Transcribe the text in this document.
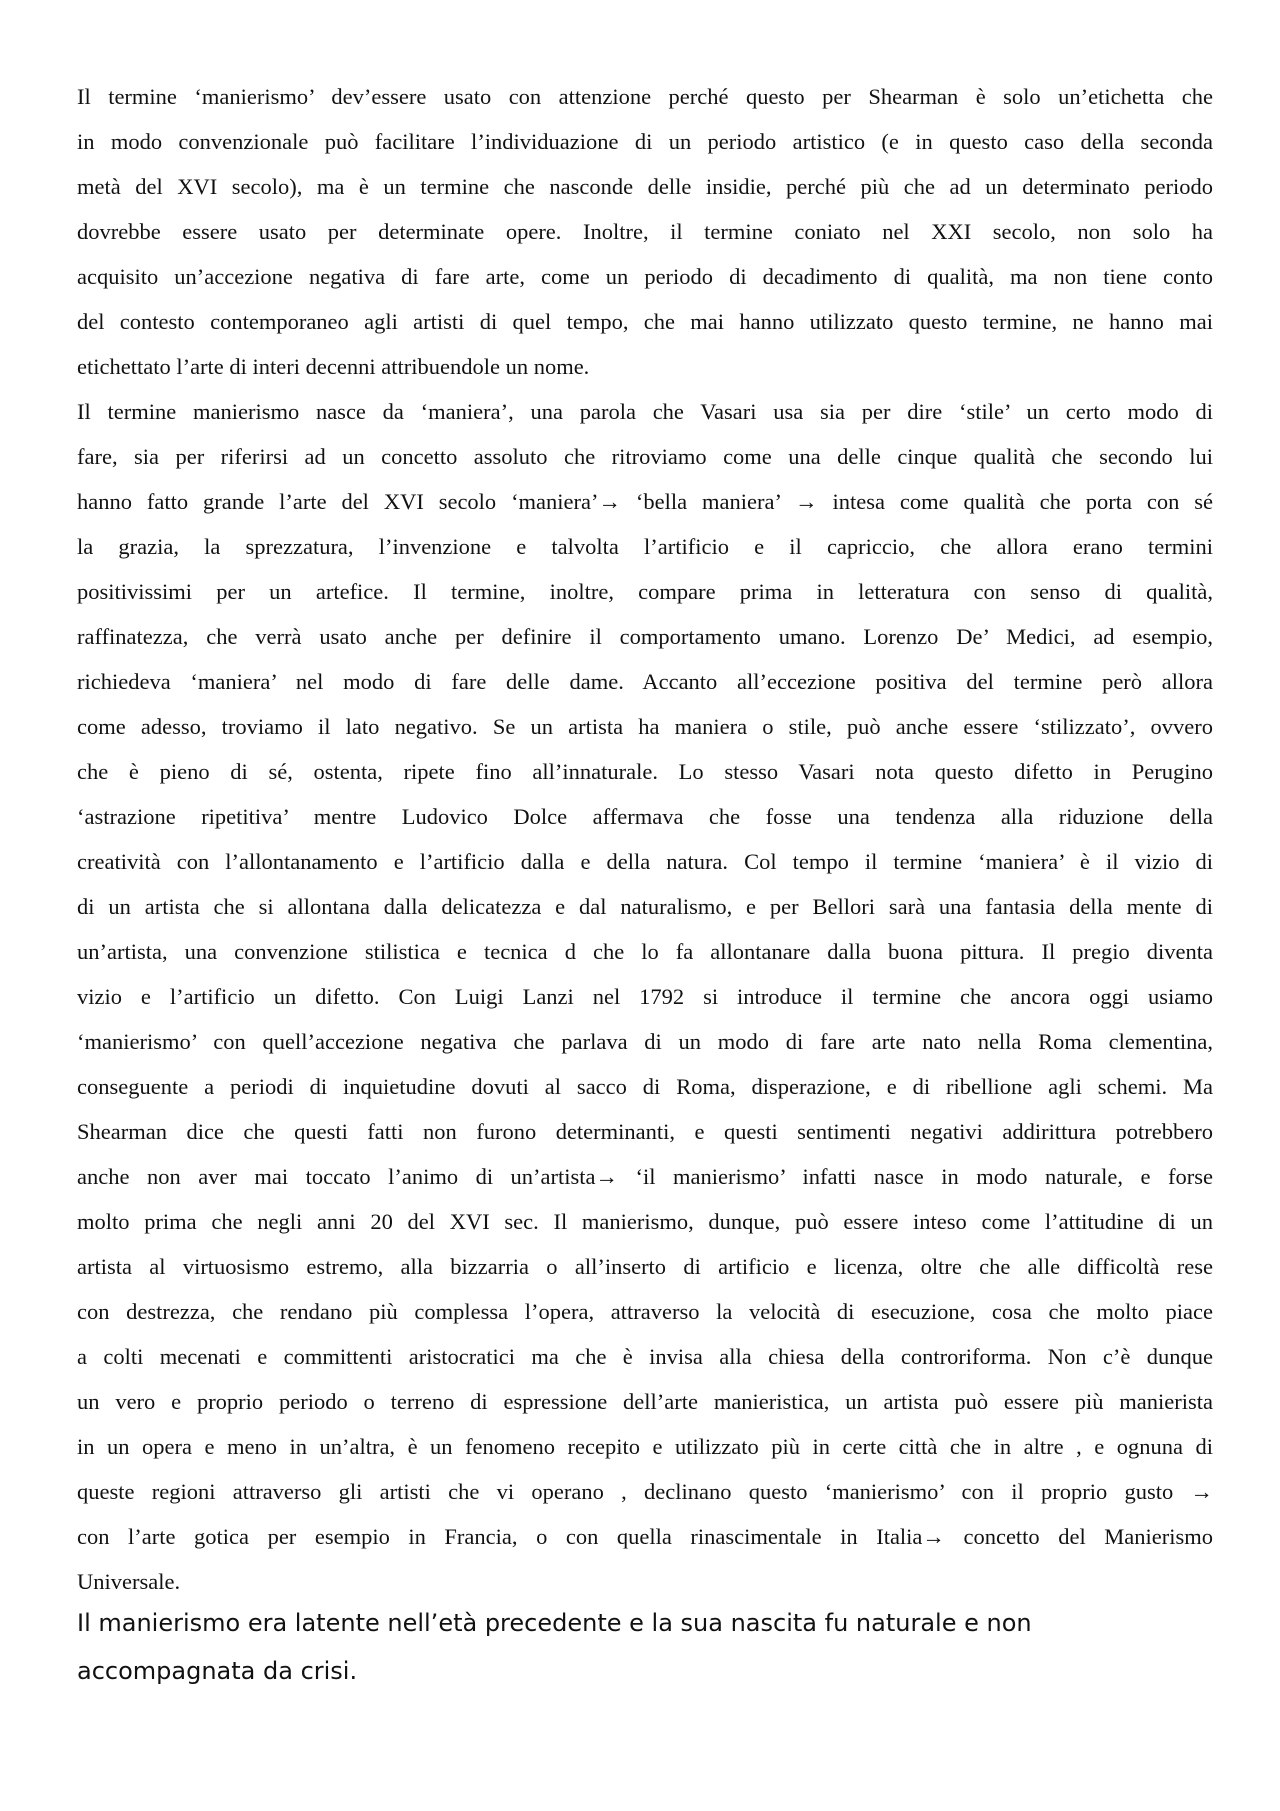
Il termine ‘manierismo’ dev’essere usato con attenzione perché questo per Shearman è solo un’etichetta che

in modo convenzionale può facilitare l’individuazione di un periodo artistico (e in questo caso della seconda

metà del XVI secolo), ma è un termine che nasconde delle insidie, perché più che ad un determinato periodo

dovrebbe essere usato per determinate opere. Inoltre, il termine coniato nel XXI secolo, non solo ha

acquisito un’accezione negativa di fare arte, come un periodo di decadimento di qualità, ma non tiene conto

del contesto contemporaneo agli artisti di quel tempo, che mai hanno utilizzato questo termine, ne hanno mai

etichettato l’arte di interi decenni attribuendole un nome.

Il termine manierismo nasce da ‘maniera’, una parola che Vasari usa sia per dire ‘stile’ un certo modo di

fare, sia per riferirsi ad un concetto assoluto che ritroviamo come una delle cinque qualità che secondo lui

hanno fatto grande l’arte del XVI secolo ‘maniera’→ ‘bella maniera’ → intesa come qualità che porta con sé

la grazia, la sprezzatura, l’invenzione e talvolta l’artificio e il capriccio, che allora erano termini

positivissimi per un artefice. Il termine, inoltre, compare prima in letteratura con senso di qualità,

raffinatezza, che verrà usato anche per definire il comportamento umano. Lorenzo De’ Medici, ad esempio,

richiedeva ‘maniera’ nel modo di fare delle dame. Accanto all’eccezione positiva del termine però allora

come adesso, troviamo il lato negativo. Se un artista ha maniera o stile, può anche essere ‘stilizzato’, ovvero

che è pieno di sé, ostenta, ripete fino all’innaturale. Lo stesso Vasari nota questo difetto in Perugino

‘astrazione ripetitiva’ mentre Ludovico Dolce affermava che fosse una tendenza alla riduzione della

creatività con l’allontanamento e l’artificio dalla e della natura. Col tempo il termine ‘maniera’ è il vizio di

di un artista che si allontana dalla delicatezza e dal naturalismo, e per Bellori sarà una fantasia della mente di

un’artista, una convenzione stilistica e tecnica d che lo fa allontanare dalla buona pittura. Il pregio diventa

vizio e l’artificio un difetto. Con Luigi Lanzi nel 1792 si introduce il termine che ancora oggi usiamo

‘manierismo’ con quell’accezione negativa che parlava di un modo di fare arte nato nella Roma clementina,

conseguente a periodi di inquietudine dovuti al sacco di Roma, disperazione, e di ribellione agli schemi. Ma

Shearman dice che questi fatti non furono determinanti, e questi sentimenti negativi addirittura potrebbero

anche non aver mai toccato l’animo di un’artista→ ‘il manierismo’ infatti nasce in modo naturale, e forse

molto prima che negli anni 20 del XVI sec. Il manierismo, dunque, può essere inteso come l’attitudine di un

artista al virtuosismo estremo, alla bizzarria o all’inserto di artificio e licenza, oltre che alle difficoltà rese

con destrezza, che rendano più complessa l’opera, attraverso la velocità di esecuzione, cosa che molto piace

a colti mecenati e committenti aristocratici ma che è invisa alla chiesa della controriforma. Non c’è dunque

un vero e proprio periodo o terreno di espressione dell’arte manieristica, un artista può essere più manierista

in un opera e meno in un’altra, è un fenomeno recepito e utilizzato più in certe città che in altre , e ognuna di

queste regioni attraverso gli artisti che vi operano , declinano questo ‘manierismo’ con il proprio gusto →

con l’arte gotica per esempio in Francia, o con quella rinascimentale in Italia→ concetto del Manierismo

Universale.

Il manierismo era latente nell’età precedente e la sua nascita fu naturale e non

accompagnata da crisi.
